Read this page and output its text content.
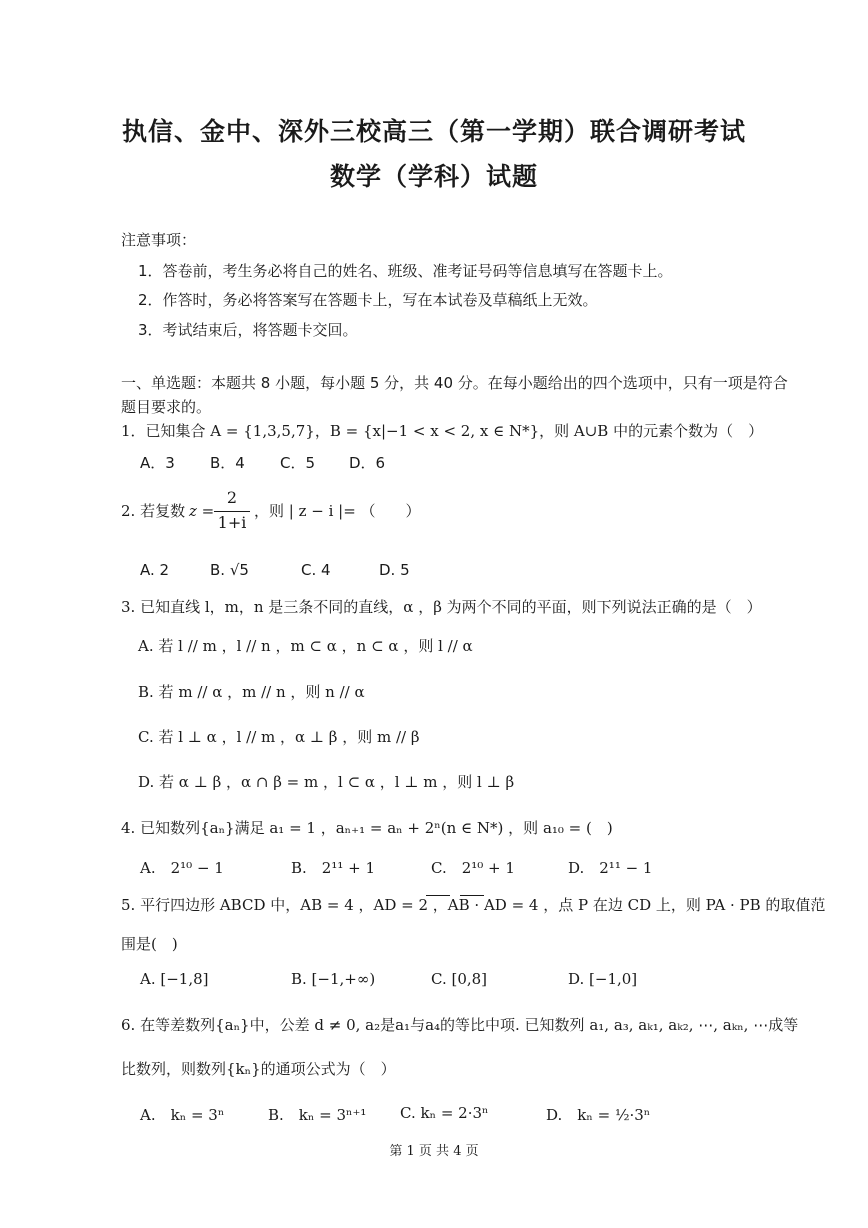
执信、金中、深外三校高三（第一学期）联合调研考试
数学（学科）试题
注意事项：
1．答卷前，考生务必将自己的姓名、班级、准考证号码等信息填写在答题卡上。
2．作答时，务必将答案写在答题卡上，写在本试卷及草稿纸上无效。
3．考试结束后，将答题卡交回。
一、单选题：本题共 8 小题，每小题 5 分，共 40 分。在每小题给出的四个选项中，只有一项是符合
题目要求的。
1．已知集合 A = {1,3,5,7}，B = {x|−1 < x < 2, x ∈ N*}，则 A∪B 中的元素个数为（　）
A．3 B．4 C．5 D．6
2. 若复数 z =
2
1+i
，则 | z − i |= （　　）
A. 2	B. √5	C. 4	D. 5
3. 已知直线 l，m，n 是三条不同的直线，α ，β 为两个不同的平面，则下列说法正确的是（　）
A. 若 l // m ，l // n ，m ⊂ α ，n ⊂ α ，则 l // α
B. 若 m // α ，m // n ，则 n // α
C. 若 l ⊥ α ，l // m ，α ⊥ β ，则 m // β
D. 若 α ⊥ β ，α ∩ β = m ，l ⊂ α ，l ⊥ m ，则 l ⊥ β
4. 已知数列{aₙ}满足 a₁ = 1 ，aₙ₊₁ = aₙ + 2ⁿ(n ∈ N*) ，则 a₁₀ = (　)
A.　2¹⁰ − 1	B.　2¹¹ + 1	C.　2¹⁰ + 1	D.　2¹¹ − 1
5. 平行四边形 ABCD 中，AB = 4 ，AD = 2 ，AB · AD = 4 ，点 P 在边 CD 上，则 PA · PB 的取值范
围是(　)
A. [−1,8]	B. [−1,+∞)	C. [0,8]	D. [−1,0]
6. 在等差数列{aₙ}中，公差 d ≠ 0, a₂是a₁与a₄的等比中项. 已知数列 a₁, a₃, aₖ₁, aₖ₂, ⋯, aₖₙ, ⋯成等
比数列，则数列{kₙ}的通项公式为（　）
A.　kₙ = 3ⁿ	B.　kₙ = 3ⁿ⁺¹ C. kₙ = 2·3ⁿ	D.　kₙ = ½·3ⁿ
第 1 页 共 4 页
